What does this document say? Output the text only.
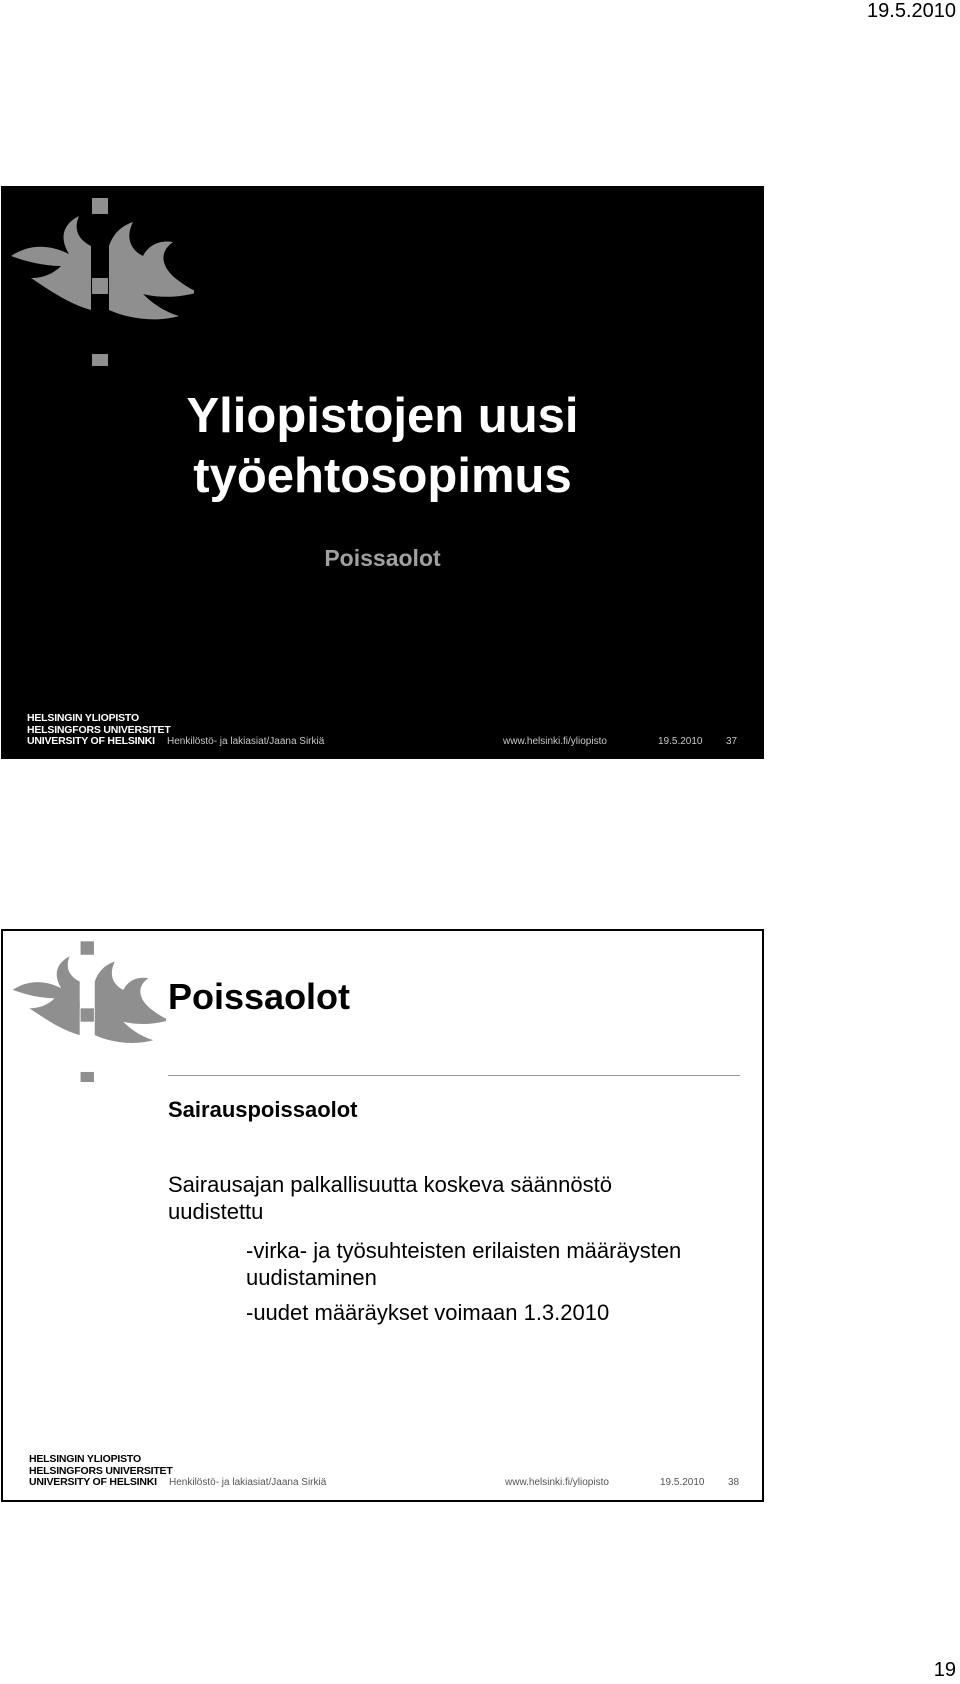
19.5.2010
Yliopistojen uusi
työehtosopimus
Poissaolot
HELSINGIN YLIOPISTO
HELSINGFORS UNIVERSITET
UNIVERSITY OF HELSINKI	Henkilöstö- ja lakiasiat/Jaana Sirkiä	www.helsinki.fi/yliopisto	19.5.2010 37
Poissaolot
Sairauspoissaolot
Sairausajan palkallisuutta koskeva säännöstö uudistettu
-virka- ja työsuhteisten erilaisten määräysten uudistaminen
-uudet määräykset voimaan 1.3.2010
HELSINGIN YLIOPISTO
HELSINGFORS UNIVERSITET
UNIVERSITY OF HELSINKI	Henkilöstö- ja lakiasiat/Jaana Sirkiä	www.helsinki.fi/yliopisto	19.5.2010 38
19
